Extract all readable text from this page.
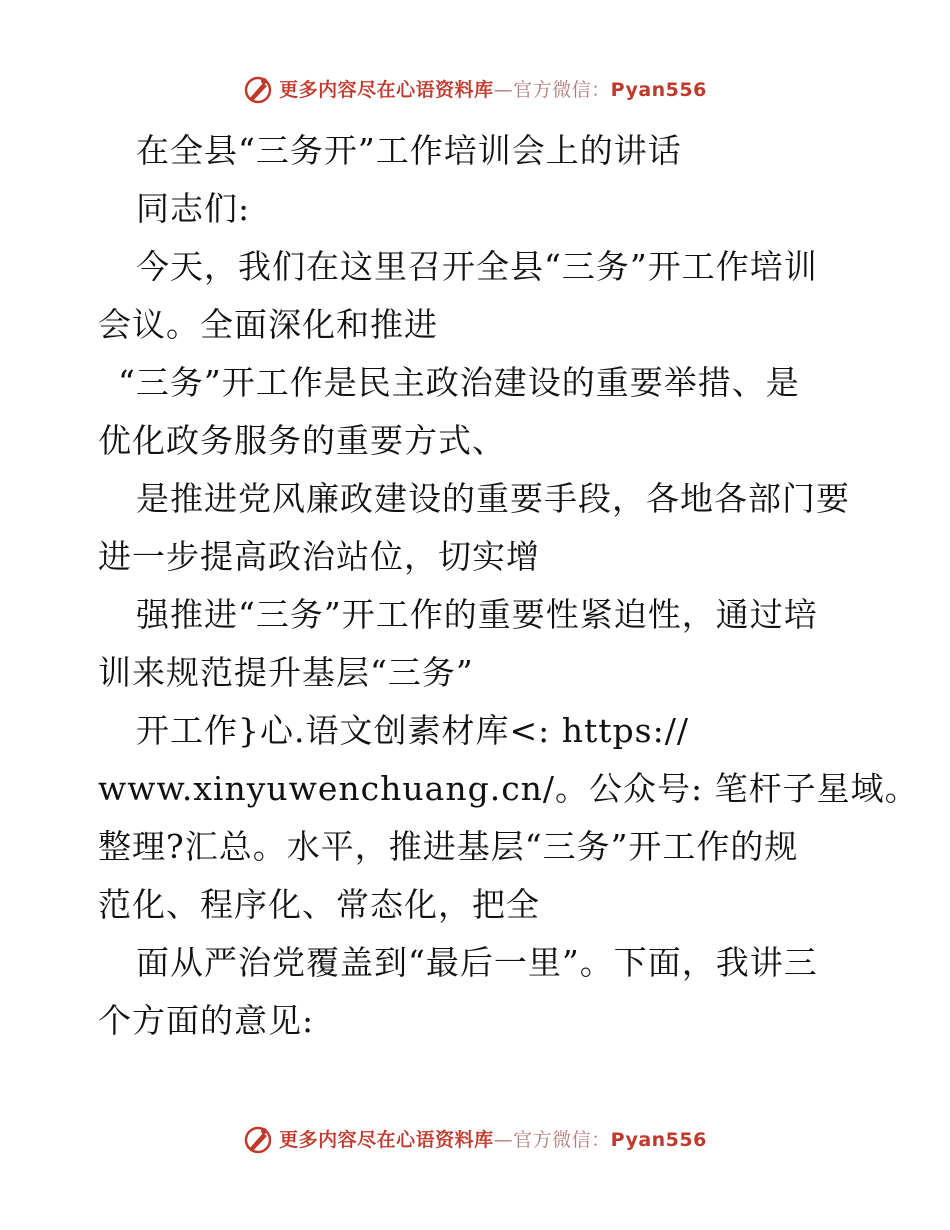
更多内容尽在心语资料库—官方微信：Pyan556
在全县“三务开”工作培训会上的讲话
同志们:
今天，我们在这里召开全县“三务”开工作培训
会议。全面深化和推进
“三务”开工作是民主政治建设的重要举措、是
优化政务服务的重要方式、
是推进党风廉政建设的重要手段，各地各部门要
进一步提高政治站位，切实增
强推进“三务”开工作的重要性紧迫性，通过培
训来规范提升基层“三务”
开工作}心.语文创素材库<: https://
www.xinyuwenchuang.cn/。公众号: 笔杆子星域。
整理?汇总。水平，推进基层“三务”开工作的规
范化、程序化、常态化，把全
面从严治党覆盖到“最后一里”。下面，我讲三
个方面的意见:
更多内容尽在心语资料库—官方微信：Pyan556
